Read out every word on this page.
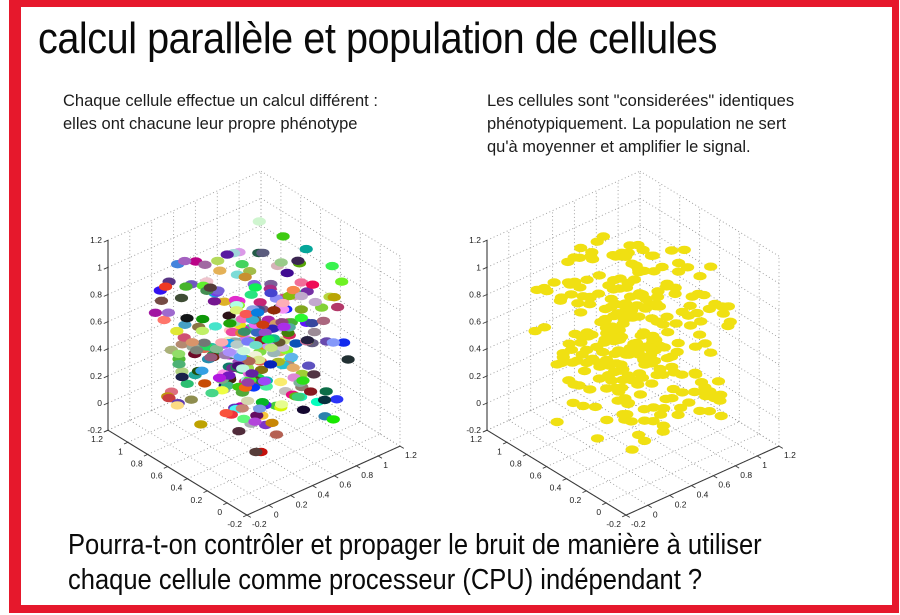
-0.2
-0.2 -0.2
0
0	0
0.2
0.2	0.2
0.4
0.4
0.4
0.6
0.6
0.6
0.8
0.8
0.8
1
1
1
1.2
1.2
1.2
-0.2
-0.2 -0.2
0
0	0
0.2
0.2	0.2
0.4
0.4
0.4
0.6
0.6
0.6
0.8
0.8
0.8
1
1
1
1.2
1.2
1.2
calcul parallèle et population de cellules
Chaque cellule effectue un calcul différent :
elles ont chacune leur propre phénotype
Les cellules sont "considerées" identiques
phénotypiquement. La population ne sert
qu'à moyenner et amplifier le signal.
Pourra-t-on contrôler et propager le bruit de manière à utiliser
chaque cellule comme processeur (CPU) indépendant ?
